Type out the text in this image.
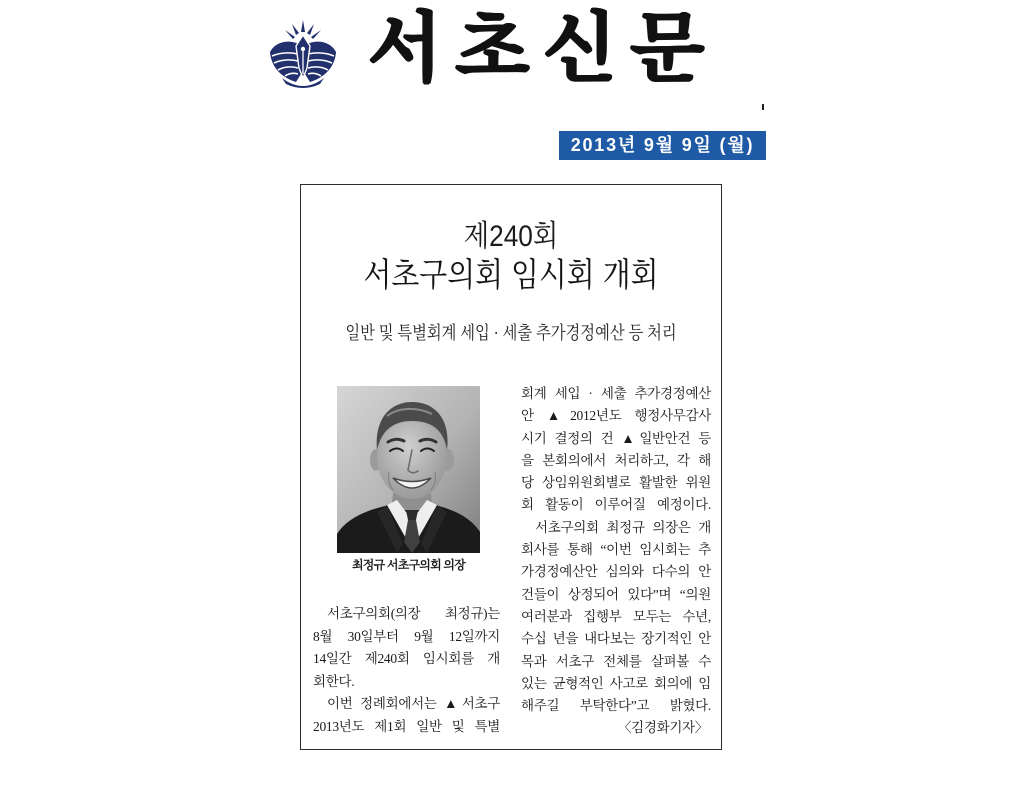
서초신문
2013년 9월 9일 (월)
제240회
서초구의회 임시회 개회
일반 및 특별회계 세입 · 세출 추가경정예산 등 처리
최정규 서초구의회 의장
서초구의회(의장 최정규)는
8월 30일부터 9월 12일까지
14일간 제240회 임시회를 개
회한다.
이번 정례회에서는 ▲서초구
2013년도 제1회 일반 및 특별
회계 세입 · 세출 추가경정예산
안 ▲2012년도 행정사무감사
시기 결정의 건 ▲일반안건 등
을 본회의에서 처리하고, 각 해
당 상임위원회별로 활발한 위원
회 활동이 이루어질 예정이다.
서초구의회 최정규 의장은 개
회사를 통해 “이번 임시회는 추
가경정예산안 심의와 다수의 안
건들이 상정되어 있다”며 “의원
여러분과 집행부 모두는 수년,
수십 년을 내다보는 장기적인 안
목과 서초구 전체를 살펴볼 수
있는 균형적인 사고로 회의에 임
해주길 부탁한다”고 밝혔다.
〈김경화기자〉
